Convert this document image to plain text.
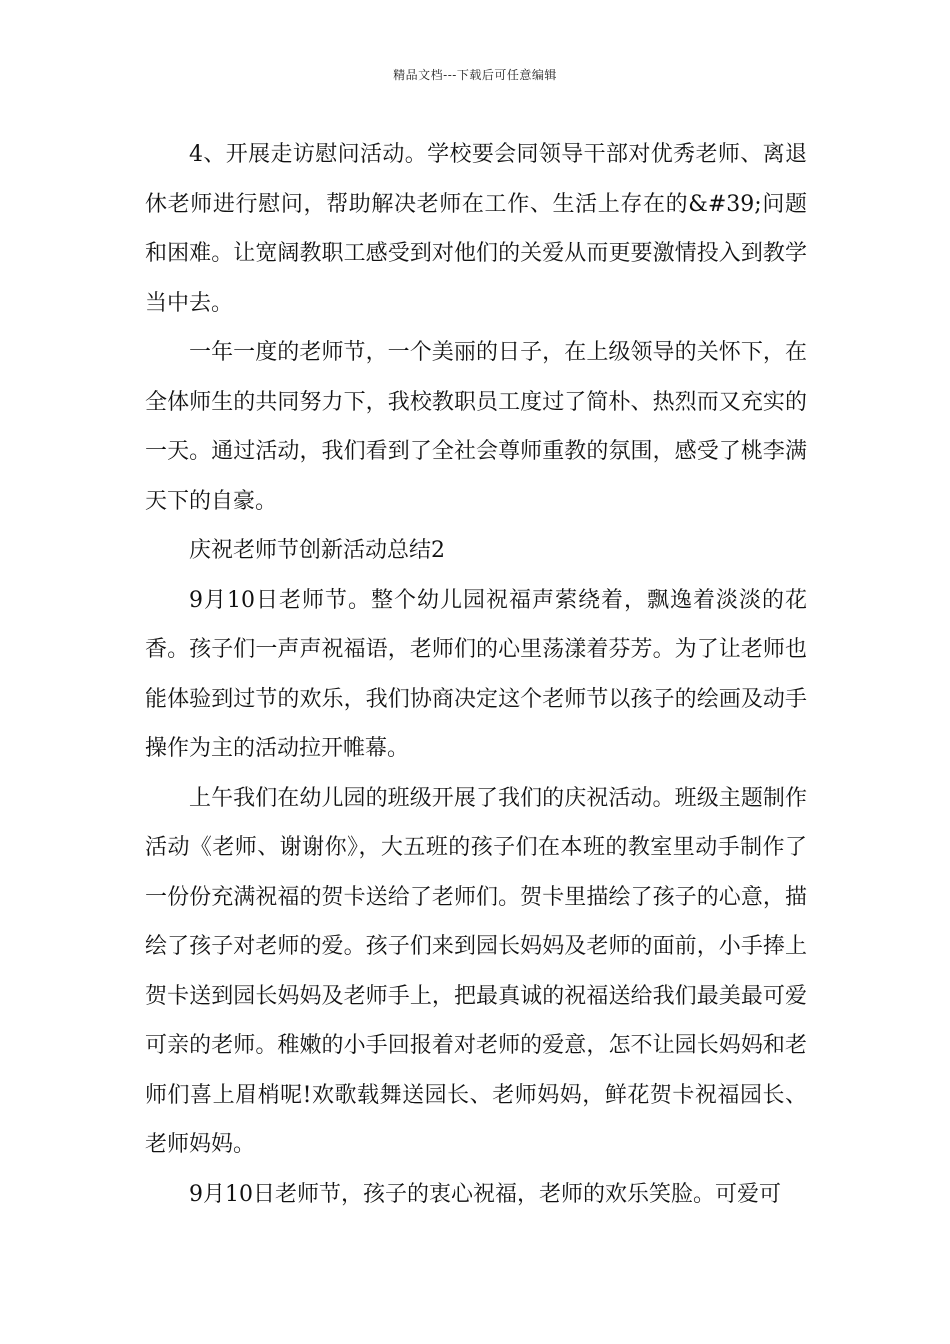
精品文档---下载后可任意编辑

4、开展走访慰问活动。学校要会同领导干部对优秀老师、离退休老师进行慰问，帮助解决老师在工作、生活上存在的&#39;问题和困难。让宽阔教职工感受到对他们的关爱从而更要激情投入到教学当中去。

一年一度的老师节，一个美丽的日子，在上级领导的关怀下，在全体师生的共同努力下，我校教职员工度过了简朴、热烈而又充实的一天。通过活动，我们看到了全社会尊师重教的氛围，感受了桃李满天下的自豪。

庆祝老师节创新活动总结2

9月10日老师节。整个幼儿园祝福声萦绕着，飘逸着淡淡的花香。孩子们一声声祝福语，老师们的心里荡漾着芬芳。为了让老师也能体验到过节的欢乐，我们协商决定这个老师节以孩子的绘画及动手操作为主的活动拉开帷幕。

上午我们在幼儿园的班级开展了我们的庆祝活动。班级主题制作活动《老师、谢谢你》，大五班的孩子们在本班的教室里动手制作了一份份充满祝福的贺卡送给了老师们。贺卡里描绘了孩子的心意，描绘了孩子对老师的爱。孩子们来到园长妈妈及老师的面前，小手捧上贺卡送到园长妈妈及老师手上，把最真诚的祝福送给我们最美最可爱可亲的老师。稚嫩的小手回报着对老师的爱意，怎不让园长妈妈和老师们喜上眉梢呢!欢歌载舞送园长、老师妈妈，鲜花贺卡祝福园长、老师妈妈。

9月10日老师节，孩子的衷心祝福，老师的欢乐笑脸。可爱可
